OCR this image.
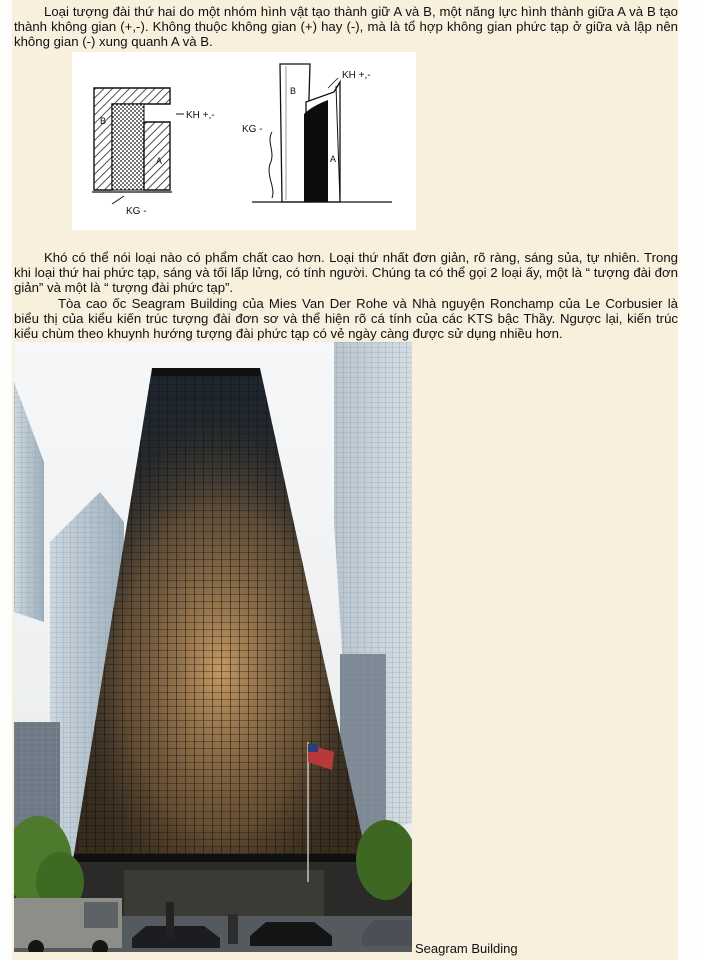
Loại tượng đài thứ hai do một nhóm hình vật tạo thành giữ A và B, một năng lực hình thành giữa A và B tạo thành không gian (+,-). Không thuộc không gian (+) hay (-), mà là tổ hợp không gian phức tạp ở giữa và lập nên không gian (-) xung quanh A và B.

B
A
KH +,-
KG -
B
A
KH +,-
KG -

Khó có thể nói loại nào có phẩm chất cao hơn. Loại thứ nhất đơn giản, rõ ràng, sáng sủa, tự nhiên. Trong khi loại thứ hai phức tạp, sáng và tối lấp lửng, có tính người. Chúng ta có thể gọi 2 loại ấy, một là “ tượng đài đơn giản” và một là “ tượng đài phức tạp”.

Tòa cao ốc Seagram Building của Mies Van Der Rohe và Nhà nguyện Ronchamp của Le Corbusier là biểu thị của kiểu kiến trúc tượng đài đơn sơ và thể hiện rõ cá tính của các KTS bậc Thầy. Ngược lại, kiến trúc kiểu chùm theo khuynh hướng tượng đài phức tạp có vẻ ngày càng được sử dụng nhiều hơn.

Seagram Building
